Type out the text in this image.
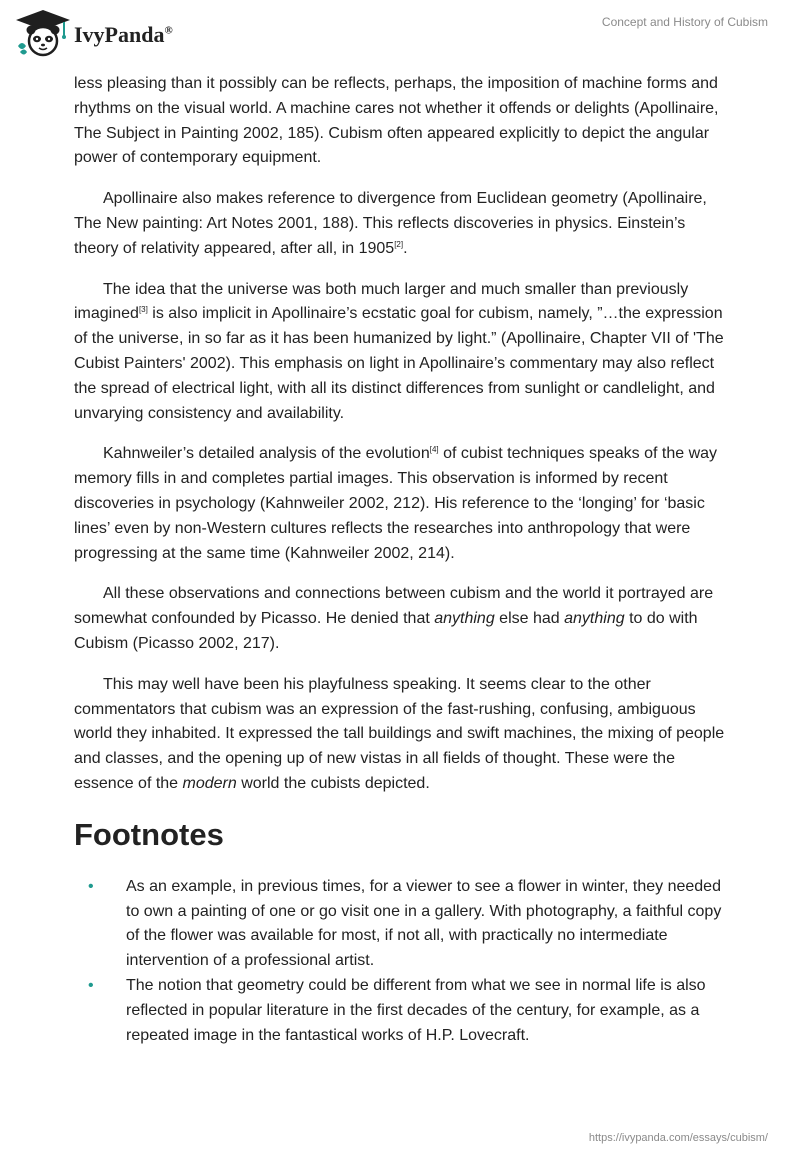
IvyPanda®
Concept and History of Cubism

less pleasing than it possibly can be reflects, perhaps, the imposition of machine forms and rhythms on the visual world. A machine cares not whether it offends or delights (Apollinaire, The Subject in Painting 2002, 185). Cubism often appeared explicitly to depict the angular power of contemporary equipment.

Apollinaire also makes reference to divergence from Euclidean geometry (Apollinaire, The New painting: Art Notes 2001, 188). This reflects discoveries in physics. Einstein’s theory of relativity appeared, after all, in 1905[2].

The idea that the universe was both much larger and much smaller than previously imagined[3] is also implicit in Apollinaire’s ecstatic goal for cubism, namely, ”…the expression of the universe, in so far as it has been humanized by light.” (Apollinaire, Chapter VII of 'The Cubist Painters' 2002). This emphasis on light in Apollinaire’s commentary may also reflect the spread of electrical light, with all its distinct differences from sunlight or candlelight, and unvarying consistency and availability.

Kahnweiler’s detailed analysis of the evolution[4] of cubist techniques speaks of the way memory fills in and completes partial images. This observation is informed by recent discoveries in psychology (Kahnweiler 2002, 212). His reference to the ‘longing’ for ‘basic lines’ even by non-Western cultures reflects the researches into anthropology that were progressing at the same time (Kahnweiler 2002, 214).

All these observations and connections between cubism and the world it portrayed are somewhat confounded by Picasso. He denied that anything else had anything to do with Cubism (Picasso 2002, 217).

This may well have been his playfulness speaking. It seems clear to the other commentators that cubism was an expression of the fast-rushing, confusing, ambiguous world they inhabited. It expressed the tall buildings and swift machines, the mixing of people and classes, and the opening up of new vistas in all fields of thought. These were the essence of the modern world the cubists depicted.

Footnotes
• As an example, in previous times, for a viewer to see a flower in winter, they needed to own a painting of one or go visit one in a gallery. With photography, a faithful copy of the flower was available for most, if not all, with practically no intermediate intervention of a professional artist.
• The notion that geometry could be different from what we see in normal life is also reflected in popular literature in the first decades of the century, for example, as a repeated image in the fantastical works of H.P. Lovecraft.
https://ivypanda.com/essays/cubism/
